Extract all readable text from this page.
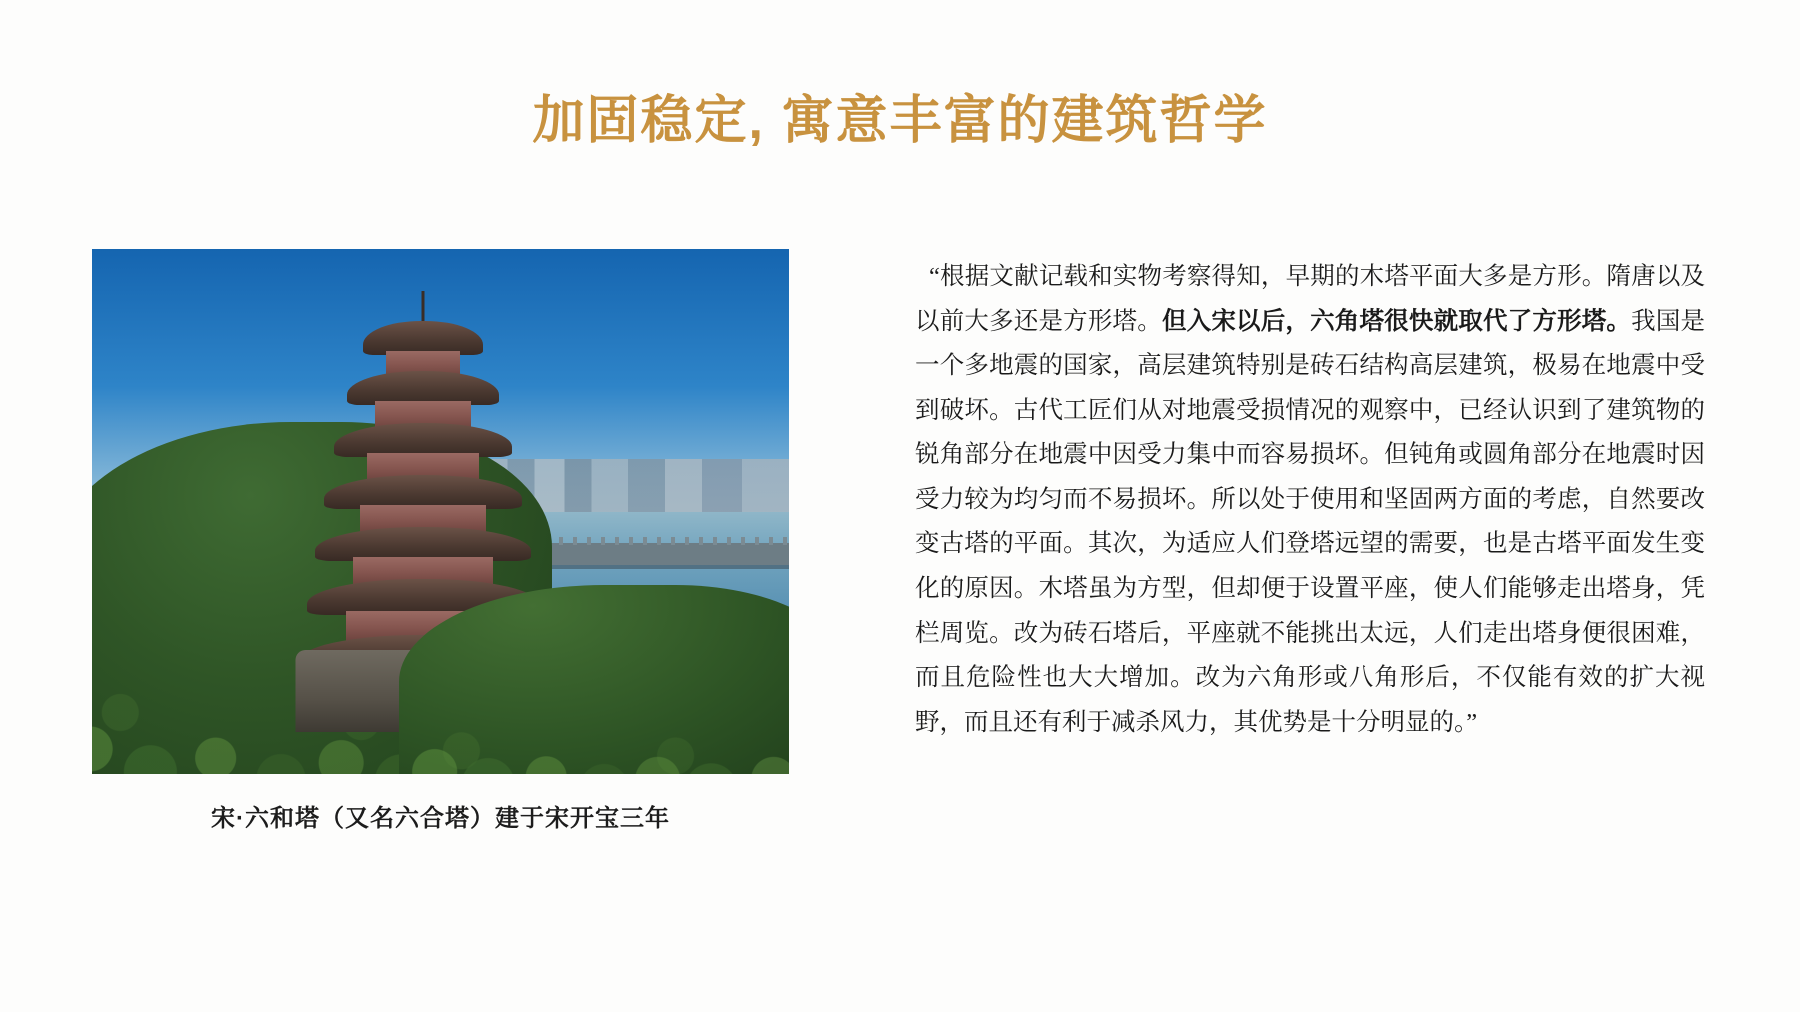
加固稳定, 寓意丰富的建筑哲学
宋·六和塔（又名六合塔）建于宋开宝三年
“根据文献记载和实物考察得知，早期的木塔平面大多是方形。隋唐以及以前大多还是方形塔。但入宋以后，六角塔很快就取代了方形塔。我国是一个多地震的国家，高层建筑特别是砖石结构高层建筑，极易在地震中受到破坏。古代工匠们从对地震受损情况的观察中，已经认识到了建筑物的锐角部分在地震中因受力集中而容易损坏。但钝角或圆角部分在地震时因受力较为均匀而不易损坏。所以处于使用和坚固两方面的考虑，自然要改变古塔的平面。其次，为适应人们登塔远望的需要，也是古塔平面发生变化的原因。木塔虽为方型，但却便于设置平座，使人们能够走出塔身，凭栏周览。改为砖石塔后，平座就不能挑出太远，人们走出塔身便很困难，而且危险性也大大增加。改为六角形或八角形后，不仅能有效的扩大视野，而且还有利于减杀风力，其优势是十分明显的。”
